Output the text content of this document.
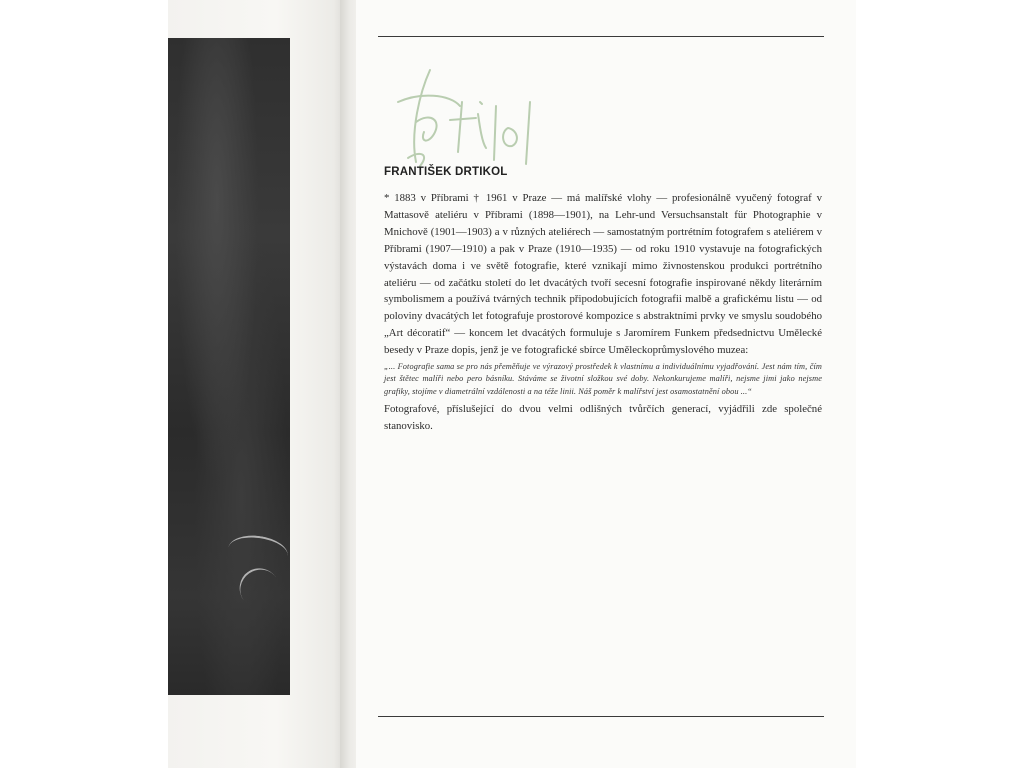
FRANTIŠEK DRTIKOL

* 1883 v Příbrami † 1961 v Praze — má malířské vlohy — profesionálně vyučený fotograf v Mattasově ateliéru v Příbrami (1898—1901), na Lehr-und Versuchsanstalt für Photographie v Mnichově (1901—1903) a v různých ateliérech — samostatným portrétním fotografem s ateliérem v Příbrami (1907—1910) a pak v Praze (1910—1935) — od roku 1910 vystavuje na fotografických výstavách doma i ve světě fotografie, které vznikají mimo živnostenskou produkci portrétního ateliéru — od začátku století do let dvacátých tvoří secesní fotografie inspirované někdy literárním symbolismem a používá tvárných technik připodobujících fotografii malbě a grafickému listu — od poloviny dvacátých let fotografuje prostorové kompozice s abstraktními prvky ve smyslu soudobého „Art décoratif“ — koncem let dvacátých formuluje s Jaromírem Funkem předsednictvu Umělecké besedy v Praze dopis, jenž je ve fotografické sbírce Uměleckoprůmyslového muzea:

„... Fotografie sama se pro nás přeměňuje ve výrazový prostředek k vlastnímu a individuálnímu vyjadřování. Jest nám tím, čím jest štětec malíři nebo pero básníku. Stáváme se životní složkou své doby. Nekonkurujeme malíři, nejsme jimi jako nejsme grafiky, stojíme v diametrální vzdálenosti a na téže linii. Náš poměr k malířství jest osamostatnění obou ...“

Fotografové, příslušející do dvou velmi odlišných tvůrčích generací, vyjádřili zde společné stanovisko.
